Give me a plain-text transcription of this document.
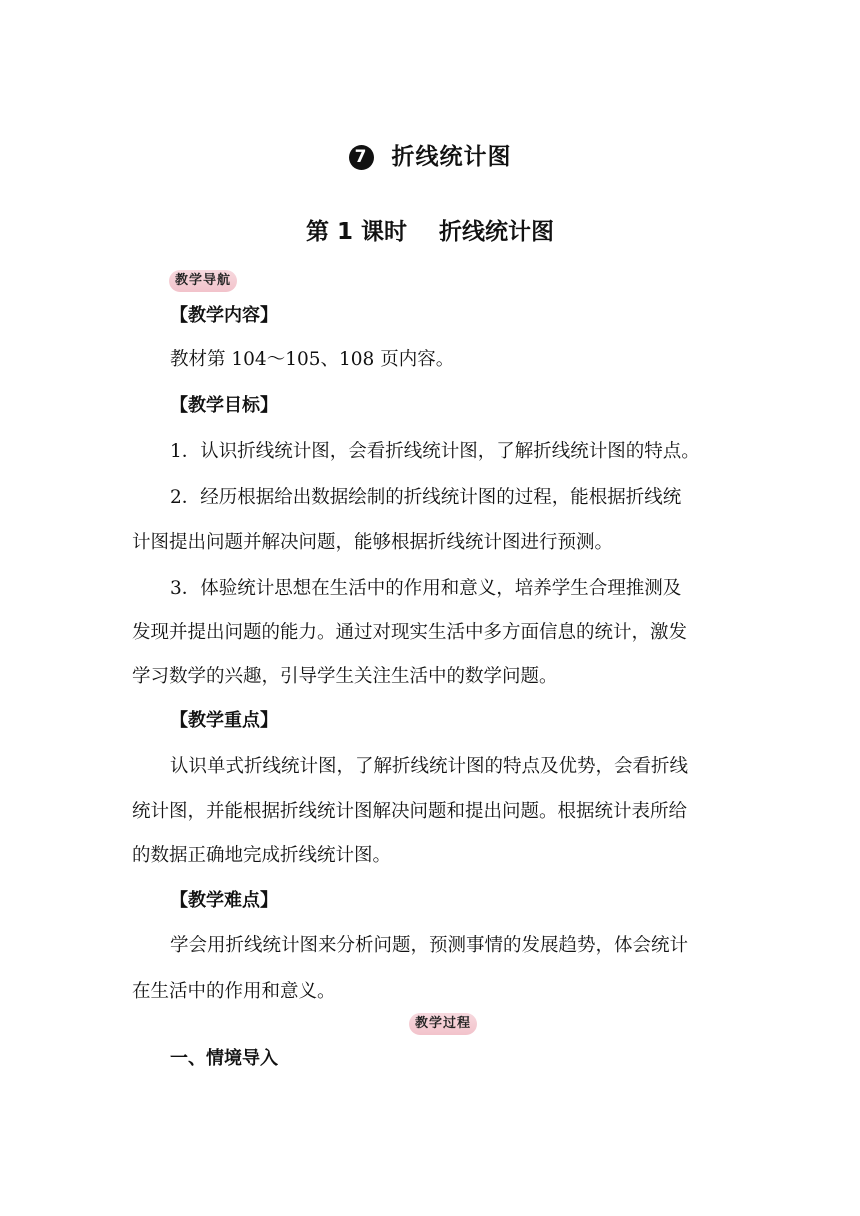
7 折线统计图
第 1 课时    折线统计图
教学导航
【教学内容】
教材第 104～105、108 页内容。
【教学目标】
1．认识折线统计图，会看折线统计图，了解折线统计图的特点。
2．经历根据给出数据绘制的折线统计图的过程，能根据折线统
计图提出问题并解决问题，能够根据折线统计图进行预测。
3．体验统计思想在生活中的作用和意义，培养学生合理推测及
发现并提出问题的能力。通过对现实生活中多方面信息的统计，激发
学习数学的兴趣，引导学生关注生活中的数学问题。
【教学重点】
认识单式折线统计图，了解折线统计图的特点及优势，会看折线
统计图，并能根据折线统计图解决问题和提出问题。根据统计表所给
的数据正确地完成折线统计图。
【教学难点】
学会用折线统计图来分析问题，预测事情的发展趋势，体会统计
在生活中的作用和意义。
教学过程
一、情境导入
